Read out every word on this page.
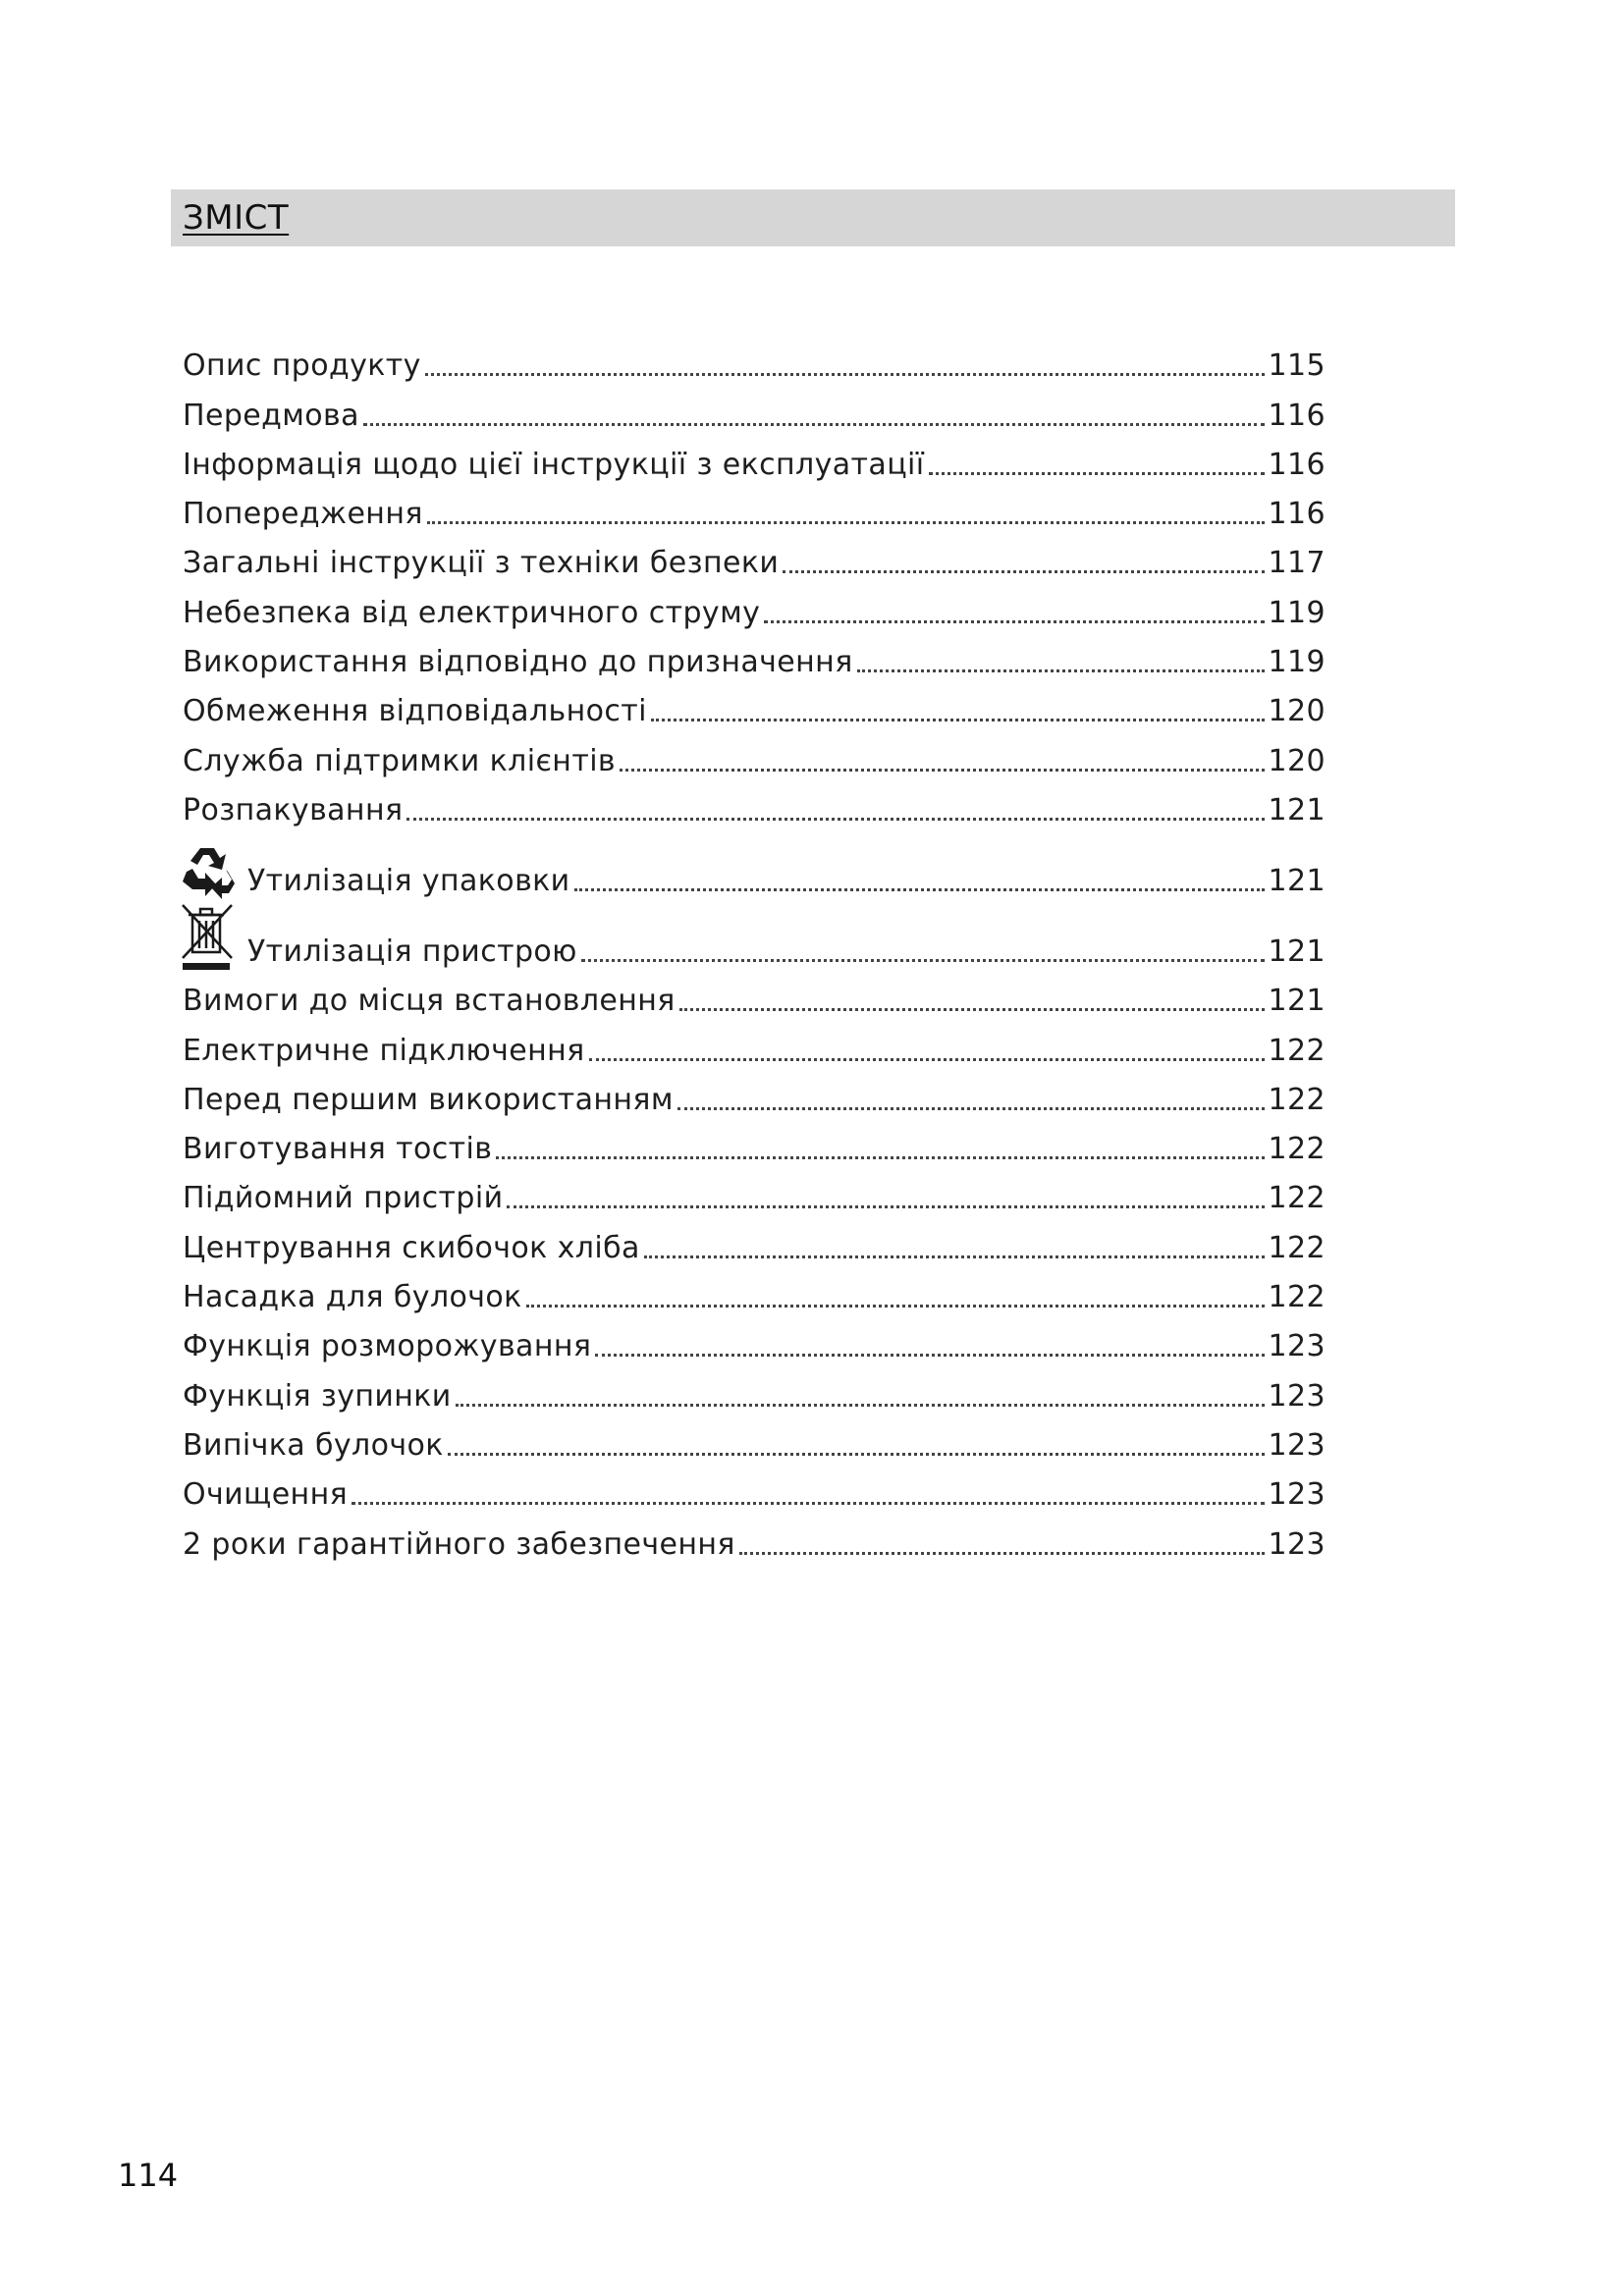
ЗМІСТ
Опис продукту	115
Передмова	116
Інформація щодо цієї інструкції з експлуатації	116
Попередження	116
Загальні інструкції з техніки безпеки	117
Небезпека від електричного струму	119
Використання відповідно до призначення	119
Обмеження відповідальності	120
Служба підтримки клієнтів	120
Розпакування	121
Утилізація упаковки	121
Утилізація пристрою	121
Вимоги до місця встановлення	121
Електричне підключення	122
Перед першим використанням	122
Виготування тостів	122
Підйомний пристрій	122
Центрування скибочок хліба	122
Насадка для булочок	122
Функція розморожування	123
Функція зупинки	123
Випічка булочок	123
Очищення	123
2 роки гарантійного забезпечення	123
114
